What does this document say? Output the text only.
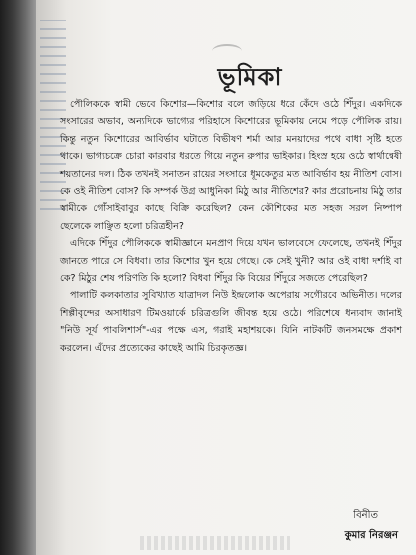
ভূমিকা

পৌলিককে স্বামী ভেবে কিশোর—কিশোর বলে জড়িয়ে ধরে কেঁদে ওঠে শিঁদুর। একদিকে সংসারের অভাব, অন্যদিকে ভাগ্যের পরিহাসে কিশোরের ভূমিকায় নেমে পড়ে পৌলিক রায়। কিন্তু নতুন কিশোরের আবির্ভাব ঘটাতে বিভীষণ শর্মা আর মনয়াদের পথে বাধা সৃষ্টি হতে থাকে। ভাগ্যচক্রে চোরা কারবার ধরতে গিয়ে নতুন রুপার ভাইকার। হিংস্র হয়ে ওঠে স্বার্থান্বেষী শয়তানের দল। ঠিক তখনই সনাতন রায়ের সংসারে ধূমকেতুর মত আবির্ভাব হয় নীতিশ বোস। কে ওই নীতিশ বোস? কি সম্পর্ক উগ্র আধুনিকা মিঠু আর নীতিশের? কার প্ররোচনায় মিঠু তার স্বামীকে গোঁসাইবাবুর কাছে বিক্রি করেছিল? কেন কৌশিকের মত সহজ সরল নিষ্পাপ ছেলেকে লাঞ্ছিত হলো চরিত্রহীন?

এদিকে শিঁদুর পৌলিককে স্বামীজ্ঞানে মনপ্রাণ দিয়ে যখন ভালবেসে ফেলেছে, তখনই শিঁদুর জানতে পারে সে বিধবা। তার কিশোর খুন হয়ে গেছে। কে সেই খুনী? আর ওই বাধা দর্শাই বা কে? মিঠুর শেষ পরিণতি কি হলো? বিধবা শিঁদুর কি বিয়ের শিঁদুরে সজতে পেরেছিল?

পালাটি কলকাতার সুবিখ্যাত যাত্রাদল নিউ ইন্দ্রলোক অপেরায় সগৌরবে অভিনীত। দলের শিল্পীবৃন্দের অসাধারণ টিমওয়ার্কে চরিত্রগুলি জীবন্ত হয়ে ওঠে। পরিশেষে ধন্যবাদ জানাই "নিউ সূর্য পাবলিশার্স"-এর পক্ষে এস, গরাই মহাশয়কে। যিনি নাটকটি জনসমক্ষে প্রকাশ করলেন। এঁদের প্রত্যেকের কাছেই আমি চিরকৃতজ্ঞ।

বিনীত
কুমার নিরঞ্জন
